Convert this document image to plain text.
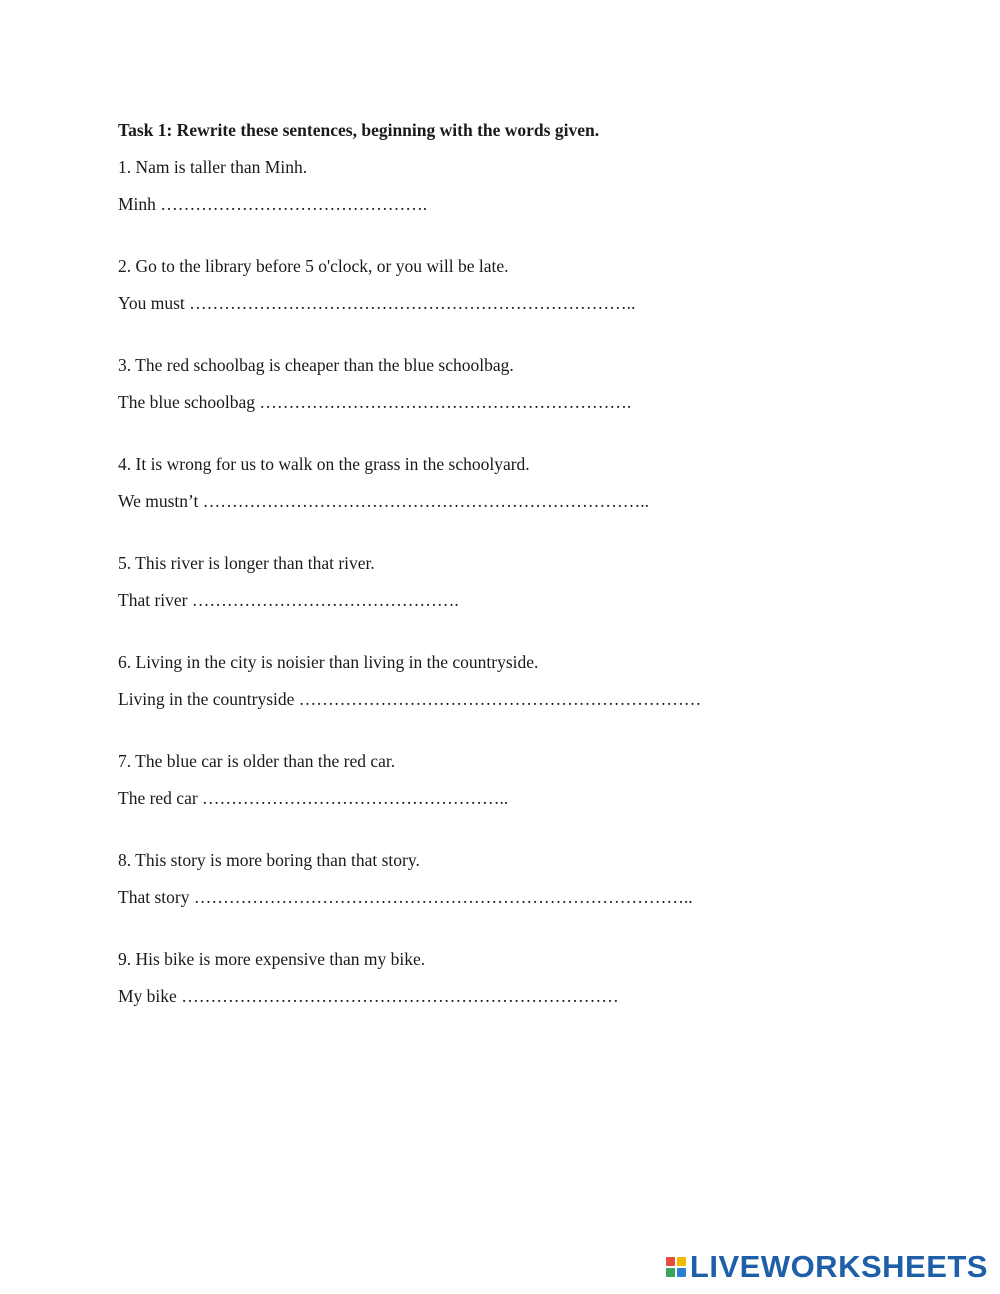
Task 1: Rewrite these sentences, beginning with the words given.

1. Nam is taller than Minh.
Minh ……………………………………….
2. Go to the library before 5 o'clock, or you will be late.
You must …………………………………………………………………..
3. The red schoolbag is cheaper than the blue schoolbag.
The blue schoolbag ……………………………………………………….
4. It is wrong for us to walk on the grass in the schoolyard.
We mustn’t …………………………………………………………………..
5. This river is longer than that river.
That river ……………………………………….
6. Living in the city is noisier than living in the countryside.
Living in the countryside ……………………………………………………………
7. The blue car is older than the red car.
The red car ……………………………………………..
8. This story is more boring than that story.
That story …………………………………………………………………………..
9. His bike is more expensive than my bike.
My bike …………………………………………………………………
LIVEWORKSHEETS
